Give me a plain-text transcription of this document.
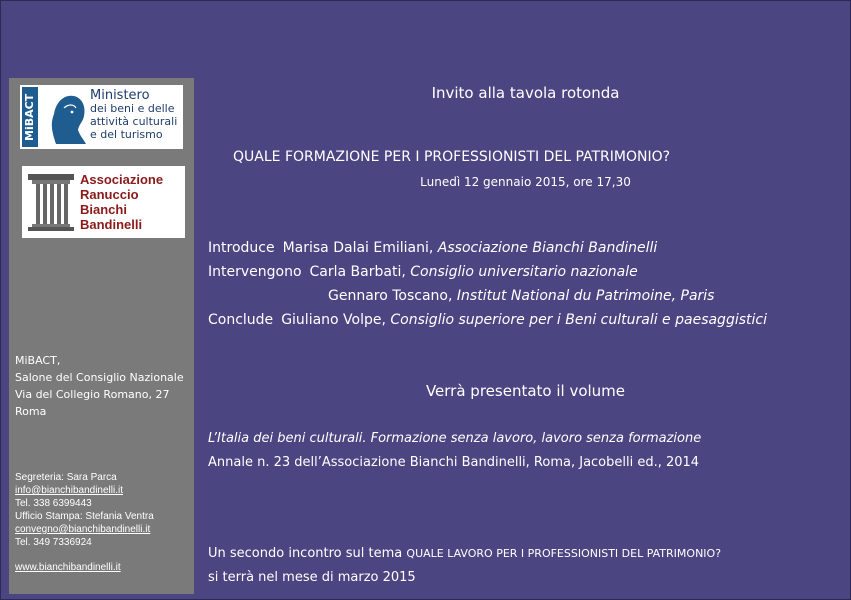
MiBACT	Ministero
dei beni e delle
attività culturali
e del turismo
Associazione
Ranuccio
Bianchi
Bandinelli
MiBACT,
Salone del Consiglio Nazionale
Via del Collegio Romano, 27
Roma
Segreteria: Sara Parca
info@bianchibandinelli.it
Tel. 338 6399443
Ufficio Stampa: Stefania Ventra
convegno@bianchibandinelli.it
Tel. 349 7336924
www.bianchibandinelli.it
Invito alla tavola rotonda
QUALE FORMAZIONE PER I PROFESSIONISTI DEL PATRIMONIO?
Lunedì 12 gennaio 2015, ore 17,30
Introduce Marisa Dalai Emiliani, Associazione Bianchi Bandinelli
Intervengono Carla Barbati, Consiglio universitario nazionale
Gennaro Toscano, Institut National du Patrimoine, Paris
Conclude Giuliano Volpe, Consiglio superiore per i Beni culturali e paesaggistici
Verrà presentato il volume
L’Italia dei beni culturali. Formazione senza lavoro, lavoro senza formazione
Annale n. 23 dell’Associazione Bianchi Bandinelli, Roma, Jacobelli ed., 2014
Un secondo incontro sul tema QUALE LAVORO PER I PROFESSIONISTI DEL PATRIMONIO?
si terrà nel mese di marzo 2015
